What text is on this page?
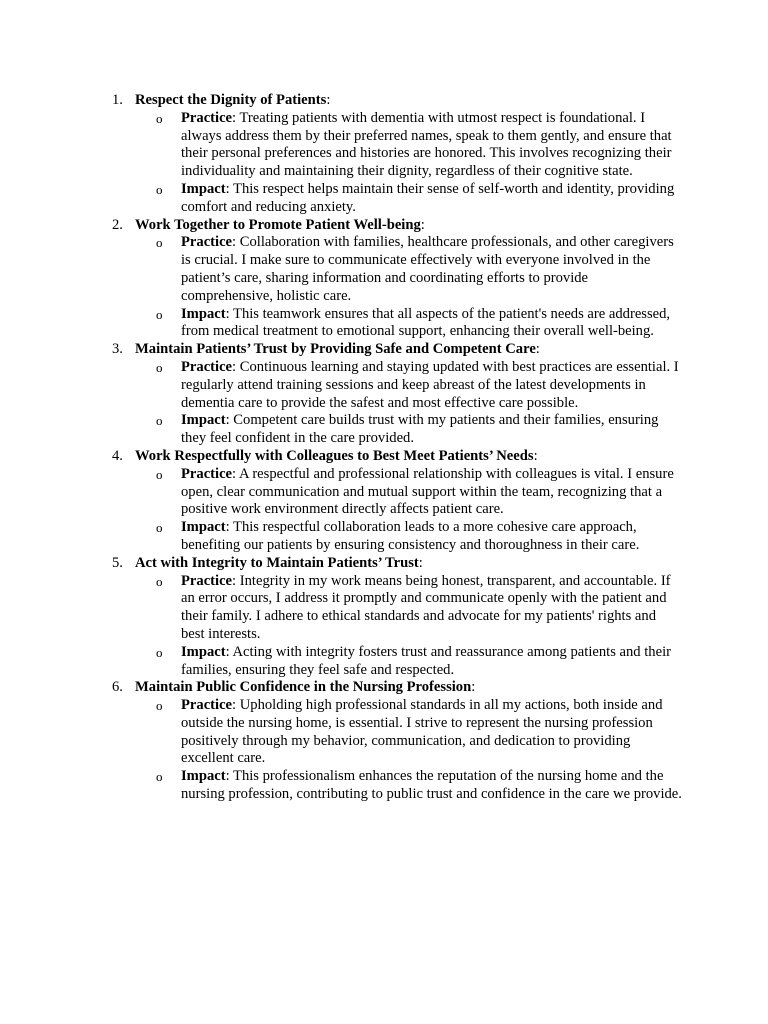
1. Respect the Dignity of Patients:
o Practice: Treating patients with dementia with utmost respect is foundational. I always address them by their preferred names, speak to them gently, and ensure that their personal preferences and histories are honored. This involves recognizing their individuality and maintaining their dignity, regardless of their cognitive state.
o Impact: This respect helps maintain their sense of self-worth and identity, providing comfort and reducing anxiety.
2. Work Together to Promote Patient Well-being:
o Practice: Collaboration with families, healthcare professionals, and other caregivers is crucial. I make sure to communicate effectively with everyone involved in the patient’s care, sharing information and coordinating efforts to provide comprehensive, holistic care.
o Impact: This teamwork ensures that all aspects of the patient's needs are addressed, from medical treatment to emotional support, enhancing their overall well-being.
3. Maintain Patients’ Trust by Providing Safe and Competent Care:
o Practice: Continuous learning and staying updated with best practices are essential. I regularly attend training sessions and keep abreast of the latest developments in dementia care to provide the safest and most effective care possible.
o Impact: Competent care builds trust with my patients and their families, ensuring they feel confident in the care provided.
4. Work Respectfully with Colleagues to Best Meet Patients’ Needs:
o Practice: A respectful and professional relationship with colleagues is vital. I ensure open, clear communication and mutual support within the team, recognizing that a positive work environment directly affects patient care.
o Impact: This respectful collaboration leads to a more cohesive care approach, benefiting our patients by ensuring consistency and thoroughness in their care.
5. Act with Integrity to Maintain Patients’ Trust:
o Practice: Integrity in my work means being honest, transparent, and accountable. If an error occurs, I address it promptly and communicate openly with the patient and their family. I adhere to ethical standards and advocate for my patients' rights and best interests.
o Impact: Acting with integrity fosters trust and reassurance among patients and their families, ensuring they feel safe and respected.
6. Maintain Public Confidence in the Nursing Profession:
o Practice: Upholding high professional standards in all my actions, both inside and outside the nursing home, is essential. I strive to represent the nursing profession positively through my behavior, communication, and dedication to providing excellent care.
o Impact: This professionalism enhances the reputation of the nursing home and the nursing profession, contributing to public trust and confidence in the care we provide.
